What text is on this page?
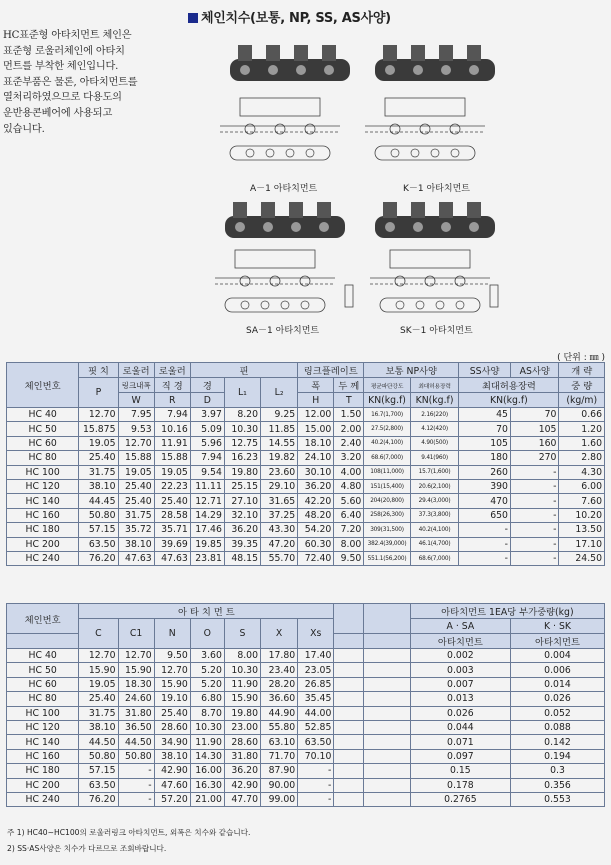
체인치수(보통, NP, SS, AS사양)
HC표준형 아타치먼트 체인은
표준형 로울러체인에 아타치
먼트를 부착한 체인입니다.
표준부품은 물론, 아타치먼트를
열처리하였으므로 다용도의
운반용콘베어에 사용되고
있습니다.
A－1 아타치먼트	K－1 아타치먼트
SA－1 아타치먼트	SK－1 아타치먼트
( 단위 : ㎜ )
체인번호	핏 치	로울러	로울러	핀			링크플레이트		보통 NP사양		SS사양	AS사양	개 략
	P	링크내폭	직 경	경	L₁	L₂	폭	두 께	평균파단강도	최대허용장력	최대허용장력		중 량
		W	R	D			H	T	KN(kg.f)	KN(kg.f)	KN(kg.f)		(kg/m)
HC 40	12.70	7.95	7.94	3.97	8.20	9.25	12.00	1.50	16.7(1,700)	2.16(220)	45	70	0.66
HC 50	15.875	9.53	10.16	5.09	10.30	11.85	15.00	2.00	27.5(2,800)	4.12(420)	70	105	1.20
HC 60	19.05	12.70	11.91	5.96	12.75	14.55	18.10	2.40	40.2(4,100)	4.90(500)	105	160	1.60
HC 80	25.40	15.88	15.88	7.94	16.23	19.82	24.10	3.20	68.6(7,000)	9.41(960)	180	270	2.80
HC 100	31.75	19.05	19.05	9.54	19.80	23.60	30.10	4.00	108(11,000)	15.7(1,600)	260	-	4.30
HC 120	38.10	25.40	22.23	11.11	25.15	29.10	36.20	4.80	151(15,400)	20.6(2,100)	390	-	6.00
HC 140	44.45	25.40	25.40	12.71	27.10	31.65	42.20	5.60	204(20,800)	29.4(3,000)	470	-	7.60
HC 160	50.80	31.75	28.58	14.29	32.10	37.25	48.20	6.40	258(26,300)	37.3(3,800)	650	-	10.20
HC 180	57.15	35.72	35.71	17.46	36.20	43.30	54.20	7.20	309(31,500)	40.2(4,100)	-	-	13.50
HC 200	63.50	38.10	39.69	19.85	39.35	47.20	60.30	8.00	382.4(39,000)	46.1(4,700)	-	-	17.10
HC 240	76.20	47.63	47.63	23.81	48.15	55.70	72.40	9.50	551.1(56,200)	68.6(7,000)	-	-	24.50
체인번호	아 타 치 먼 트									아타치먼트 1EA당 부가중량(kg)	
	C	C1	N	O	S	X	Xs			A · SA	K · SK
										아타치먼트	아타치먼트
HC 40	12.70	12.70	9.50	3.60	8.00	17.80	17.40			0.002	0.004
HC 50	15.90	15.90	12.70	5.20	10.30	23.40	23.05			0.003	0.006
HC 60	19.05	18.30	15.90	5.20	11.90	28.20	26.85			0.007	0.014
HC 80	25.40	24.60	19.10	6.80	15.90	36.60	35.45			0.013	0.026
HC 100	31.75	31.80	25.40	8.70	19.80	44.90	44.00			0.026	0.052
HC 120	38.10	36.50	28.60	10.30	23.00	55.80	52.85			0.044	0.088
HC 140	44.50	44.50	34.90	11.90	28.60	63.10	63.50			0.071	0.142
HC 160	50.80	50.80	38.10	14.30	31.80	71.70	70.10			0.097	0.194
HC 180	57.15	-	42.90	16.00	36.20	87.90	-			0.15	0.3
HC 200	63.50	-	47.60	16.30	42.90	90.00	-			0.178	0.356
HC 240	76.20	-	57.20	21.00	47.70	99.00	-			0.2765	0.553
주 1) HC40~HC100의 로울러링크 아타치먼트, 외폭은 치수와 같습니다.
2) SS·AS사양은 치수가 다르므로 조회바랍니다.
